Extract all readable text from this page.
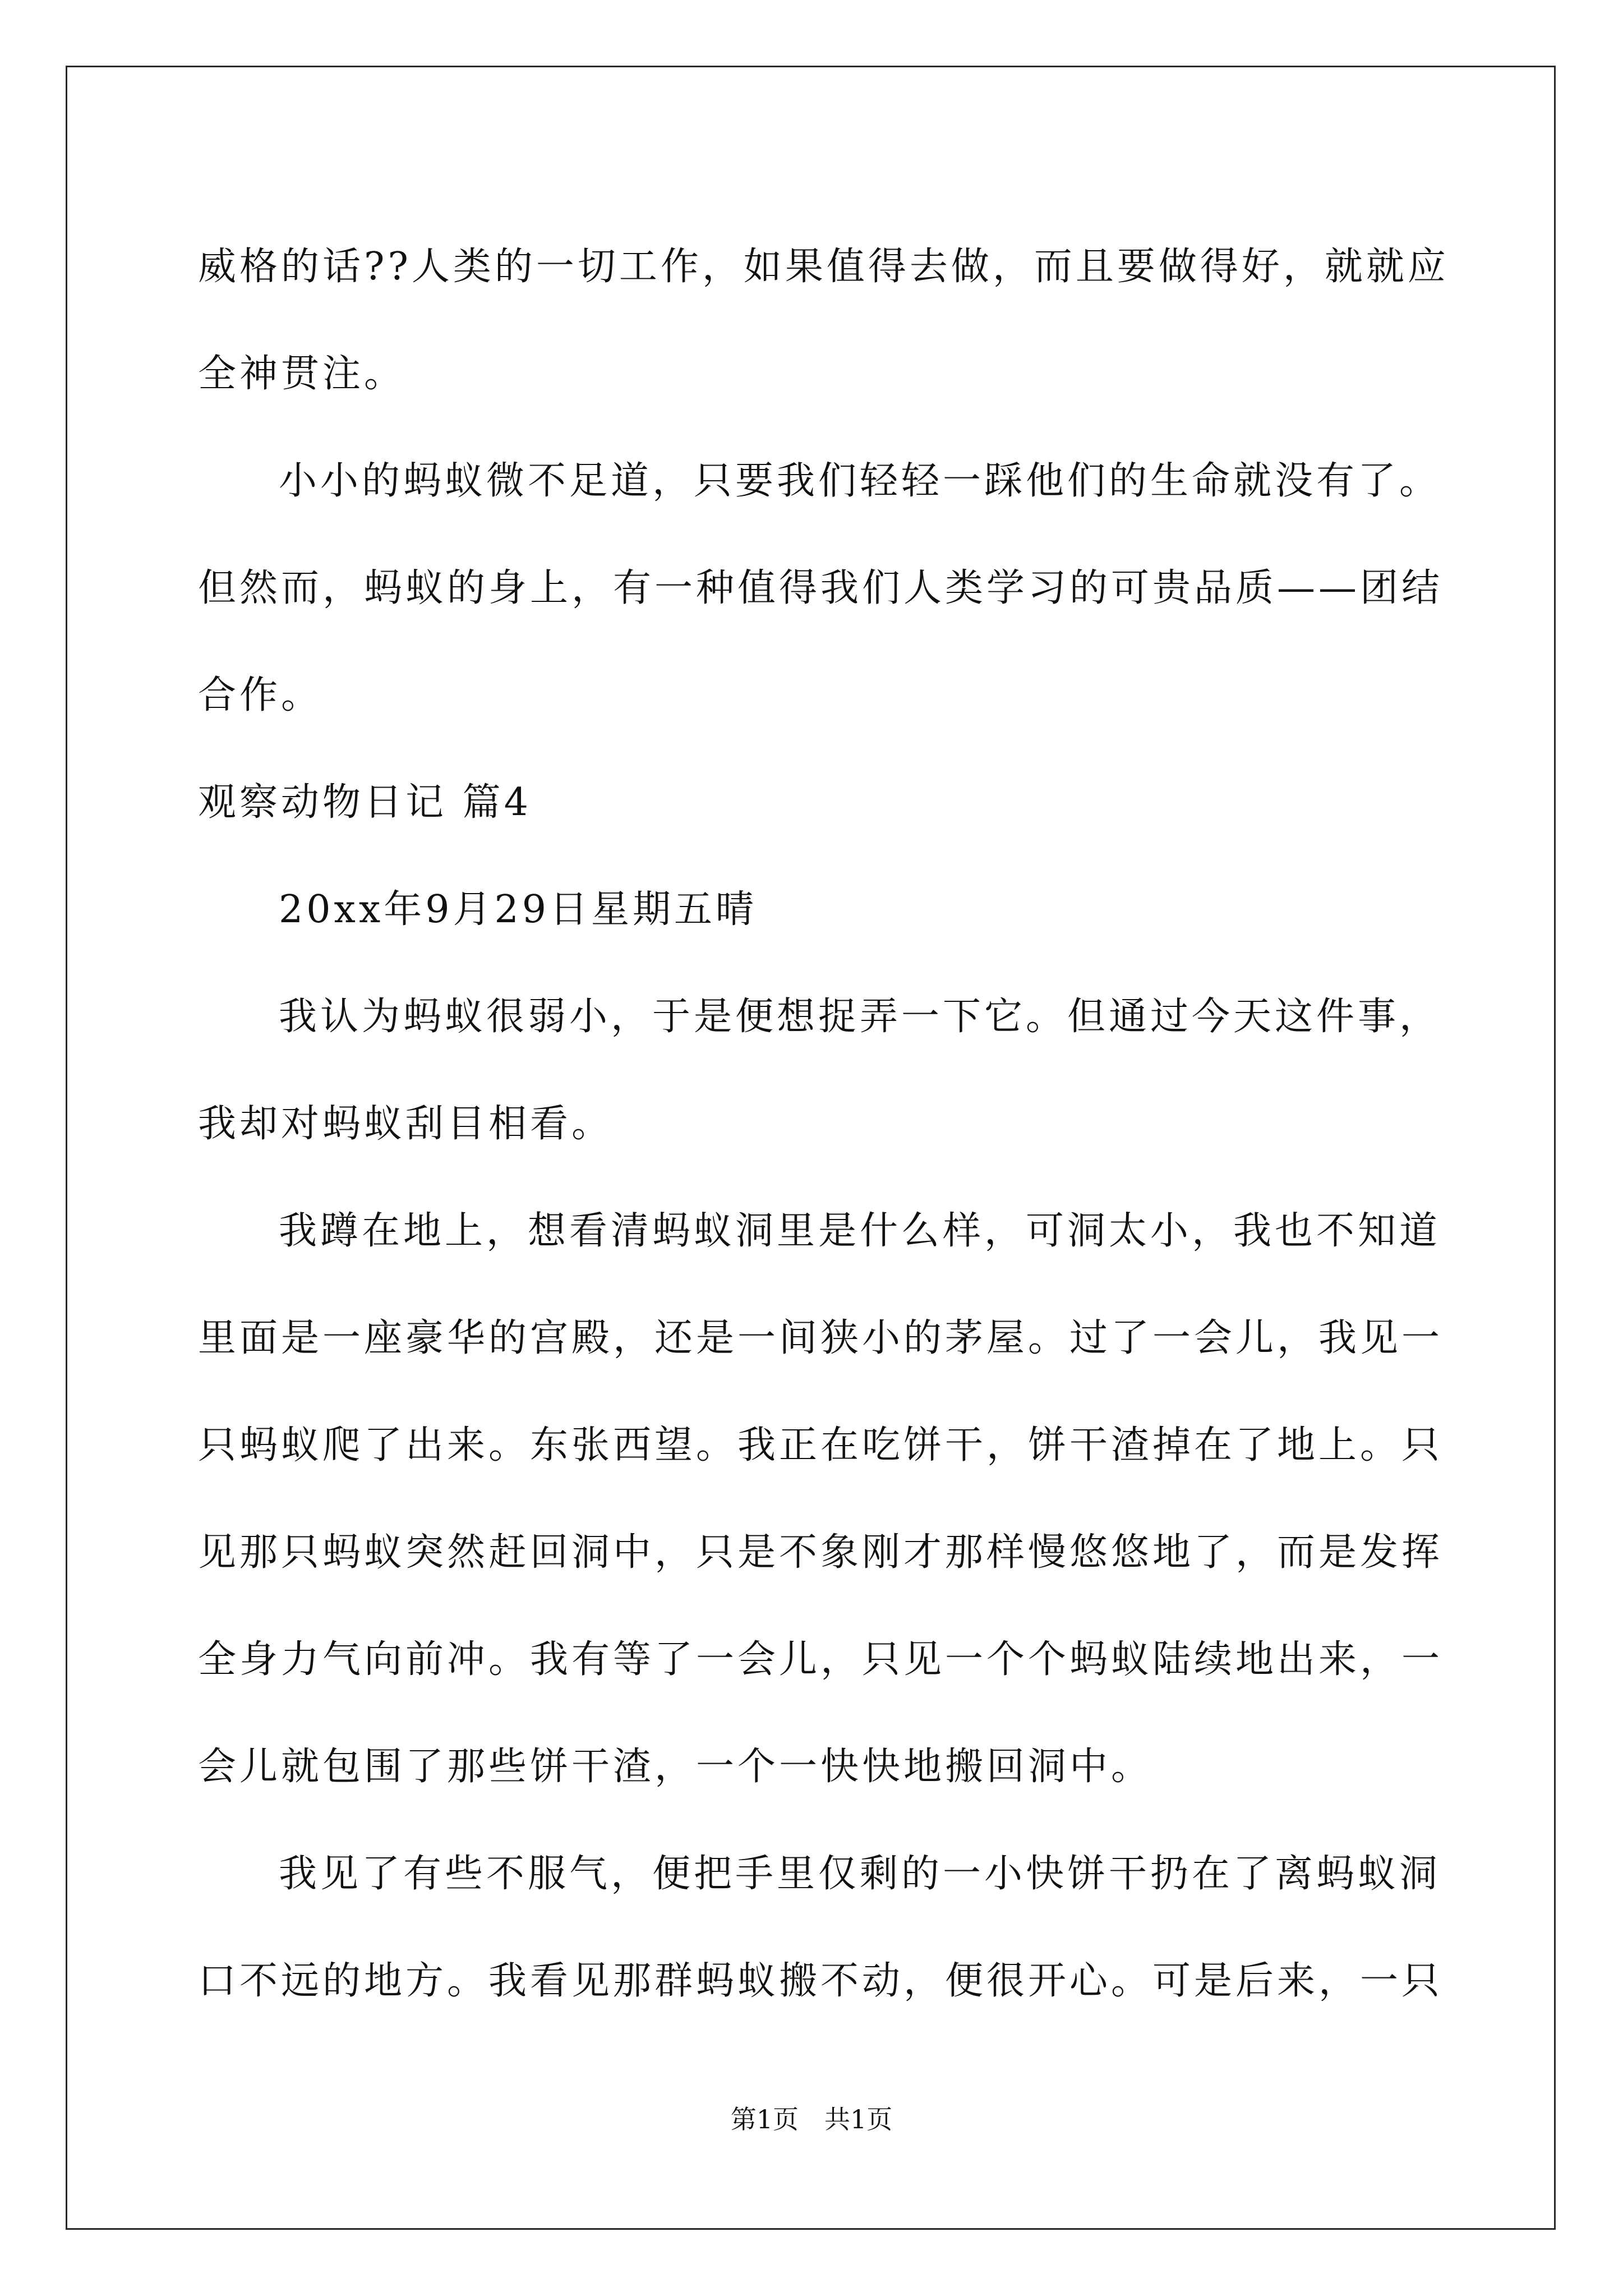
威格的话??人类的一切工作，如果值得去做，而且要做得好，就就应
全神贯注。
小小的蚂蚁微不足道，只要我们轻轻一踩他们的生命就没有了。
但然而，蚂蚁的身上，有一种值得我们人类学习的可贵品质——团结
合作。
观察动物日记 篇4
20xx年9月29日星期五晴
我认为蚂蚁很弱小，于是便想捉弄一下它。但通过今天这件事，
我却对蚂蚁刮目相看。
我蹲在地上，想看清蚂蚁洞里是什么样，可洞太小，我也不知道
里面是一座豪华的宫殿，还是一间狭小的茅屋。过了一会儿，我见一
只蚂蚁爬了出来。东张西望。我正在吃饼干，饼干渣掉在了地上。只
见那只蚂蚁突然赶回洞中，只是不象刚才那样慢悠悠地了，而是发挥
全身力气向前冲。我有等了一会儿，只见一个个蚂蚁陆续地出来，一
会儿就包围了那些饼干渣，一个一快快地搬回洞中。
我见了有些不服气，便把手里仅剩的一小快饼干扔在了离蚂蚁洞
口不远的地方。我看见那群蚂蚁搬不动，便很开心。可是后来，一只
第1页　共1页
